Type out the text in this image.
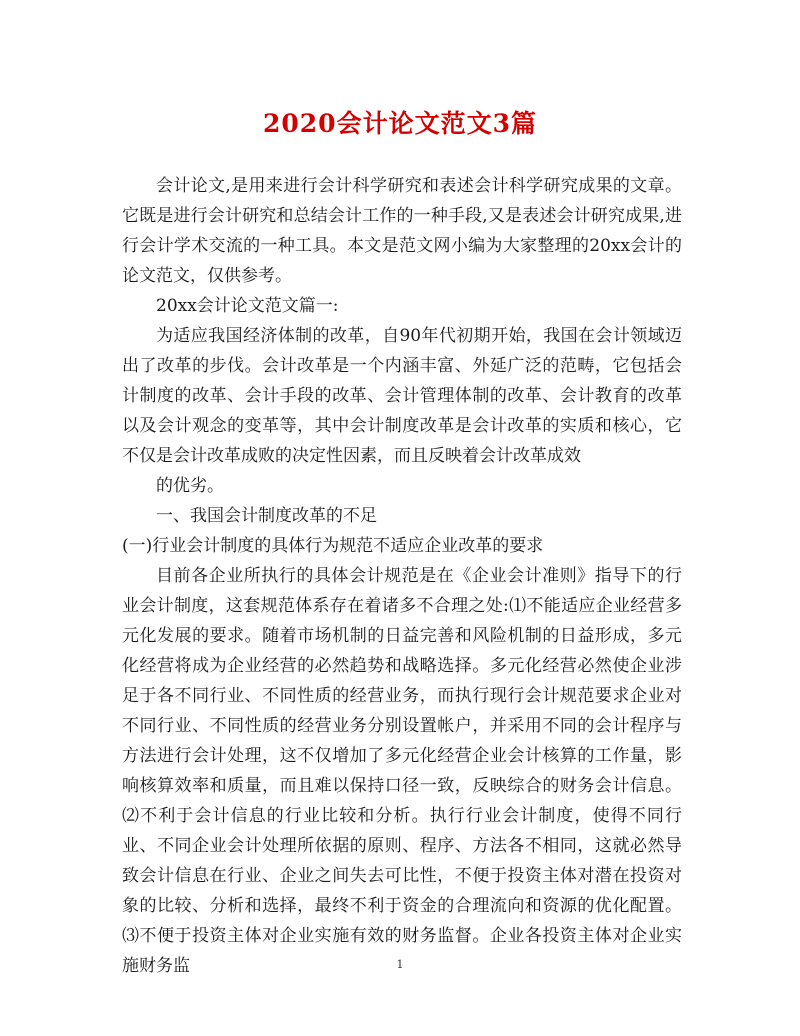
2020会计论文范文3篇

会计论文,是用来进行会计科学研究和表述会计科学研究成果的文章。它既是进行会计研究和总结会计工作的一种手段,又是表述会计研究成果,进行会计学术交流的一种工具。本文是范文网小编为大家整理的20xx会计的论文范文，仅供参考。

20xx会计论文范文篇一:

为适应我国经济体制的改革，自90年代初期开始，我国在会计领域迈出了改革的步伐。会计改革是一个内涵丰富、外延广泛的范畴，它包括会计制度的改革、会计手段的改革、会计管理体制的改革、会计教育的改革以及会计观念的变革等，其中会计制度改革是会计改革的实质和核心，它不仅是会计改革成败的决定性因素，而且反映着会计改革成效

的优劣。

一、我国会计制度改革的不足

(一)行业会计制度的具体行为规范不适应企业改革的要求

目前各企业所执行的具体会计规范是在《企业会计准则》指导下的行业会计制度，这套规范体系存在着诸多不合理之处:⑴不能适应企业经营多元化发展的要求。随着市场机制的日益完善和风险机制的日益形成，多元化经营将成为企业经营的必然趋势和战略选择。多元化经营必然使企业涉足于各不同行业、不同性质的经营业务，而执行现行会计规范要求企业对不同行业、不同性质的经营业务分别设置帐户，并采用不同的会计程序与方法进行会计处理，这不仅增加了多元化经营企业会计核算的工作量，影响核算效率和质量，而且难以保持口径一致，反映综合的财务会计信息。⑵不利于会计信息的行业比较和分析。执行行业会计制度，使得不同行业、不同企业会计处理所依据的原则、程序、方法各不相同，这就必然导致会计信息在行业、企业之间失去可比性，不便于投资主体对潜在投资对象的比较、分析和选择，最终不利于资金的合理流向和资源的优化配置。⑶不便于投资主体对企业实施有效的财务监督。企业各投资主体对企业实施财务监	1
